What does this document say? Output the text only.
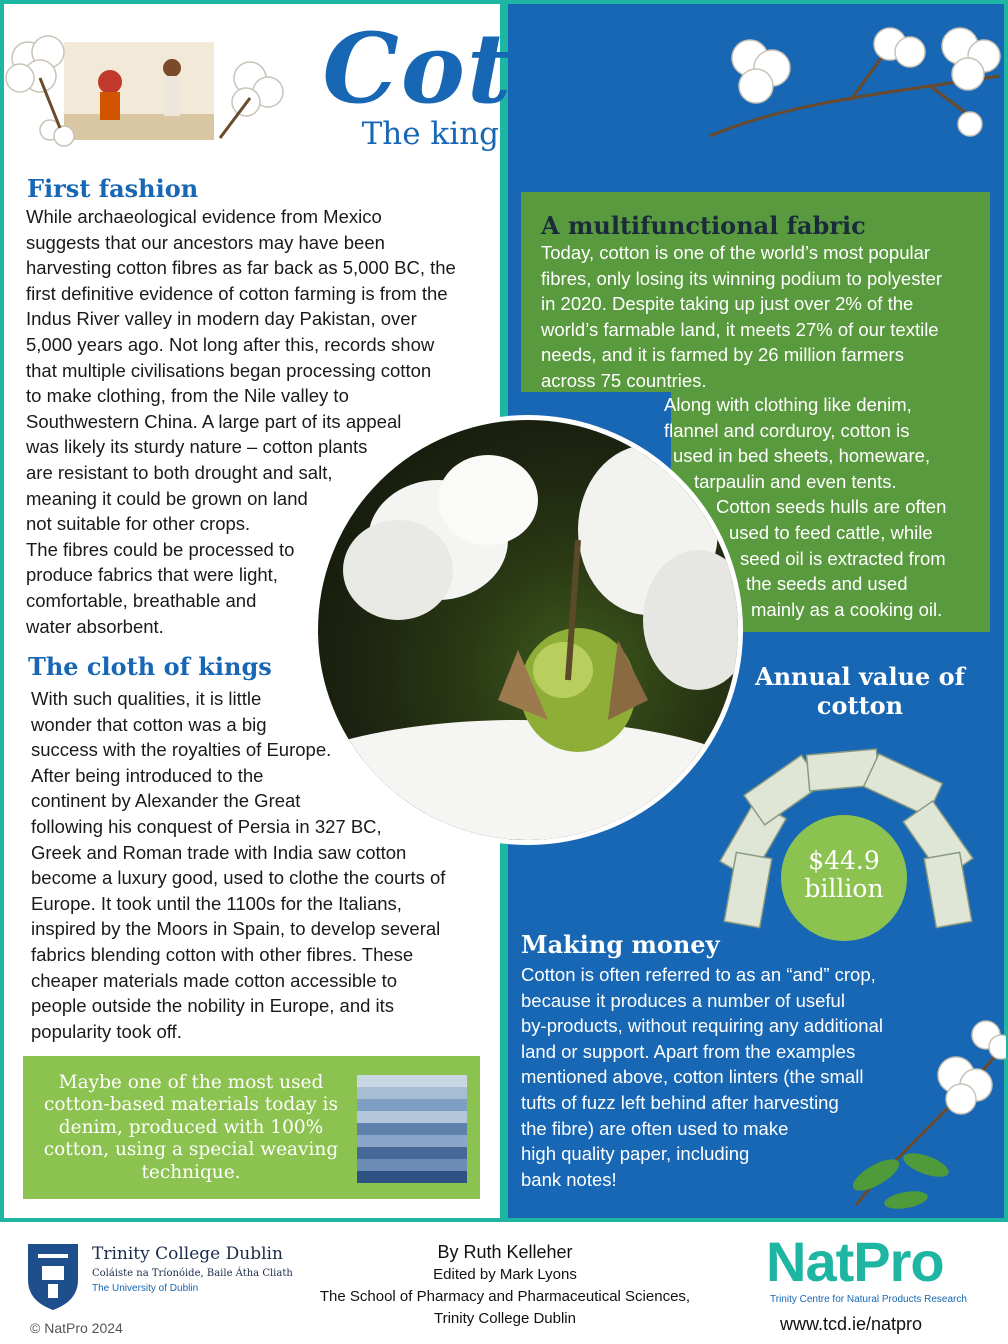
Cotton
The king of fibres
First fashion
While archaeological evidence from Mexico
suggests that our ancestors may have been
harvesting cotton fibres as far back as 5,000 BC, the
first definitive evidence of cotton farming is from the
Indus River valley in modern day Pakistan, over
5,000 years ago. Not long after this, records show
that multiple civilisations began processing cotton
to make clothing, from the Nile valley to
Southwestern China. A large part of its appeal
was likely its sturdy nature – cotton plants
are resistant to both drought and salt,
meaning it could be grown on land
not suitable for other crops.
The fibres could be processed to
produce fabrics that were light,
comfortable, breathable and
water absorbent.
The cloth of kings
With such qualities, it is little
wonder that cotton was a big
success with the royalties of Europe.
After being introduced to the
continent by Alexander the Great
following his conquest of Persia in 327 BC,
Greek and Roman trade with India saw cotton
become a luxury good, used to clothe the courts of
Europe. It took until the 1100s for the Italians,
inspired by the Moors in Spain, to develop several
fabrics blending cotton with other fibres. These
cheaper materials made cotton accessible to
people outside the nobility in Europe, and its
popularity took off.
A multifunctional fabric
Today, cotton is one of the world’s most popular
fibres, only losing its winning podium to polyester
in 2020. Despite taking up just over 2% of the
world’s farmable land, it meets 27% of our textile
needs, and it is farmed by 26 million farmers
across 75 countries.
Along with clothing like denim,
flannel and corduroy, cotton is
used in bed sheets, homeware,
tarpaulin and even tents.
Cotton seeds hulls are often
used to feed cattle, while
seed oil is extracted from
the seeds and used
mainly as a cooking oil.
Maybe one of the most used
cotton-based materials today is
denim, produced with 100%
cotton, using a special weaving
technique.
Annual value of
cotton
$44.9
billion
Making money
Cotton is often referred to as an “and” crop,
because it produces a number of useful
by-products, without requiring any additional
land or support. Apart from the examples
mentioned above, cotton linters (the small
tufts of fuzz left behind after harvesting
the fibre) are often used to make
high quality paper, including
bank notes!
Trinity College Dublin
Coláiste na Tríonóide, Baile Átha Cliath
The University of Dublin
© NatPro 2024
By Ruth Kelleher
Edited by Mark Lyons
The School of Pharmacy and Pharmaceutical Sciences,
Trinity College Dublin
NatPro
Trinity Centre for Natural Products Research
www.tcd.ie/natpro
